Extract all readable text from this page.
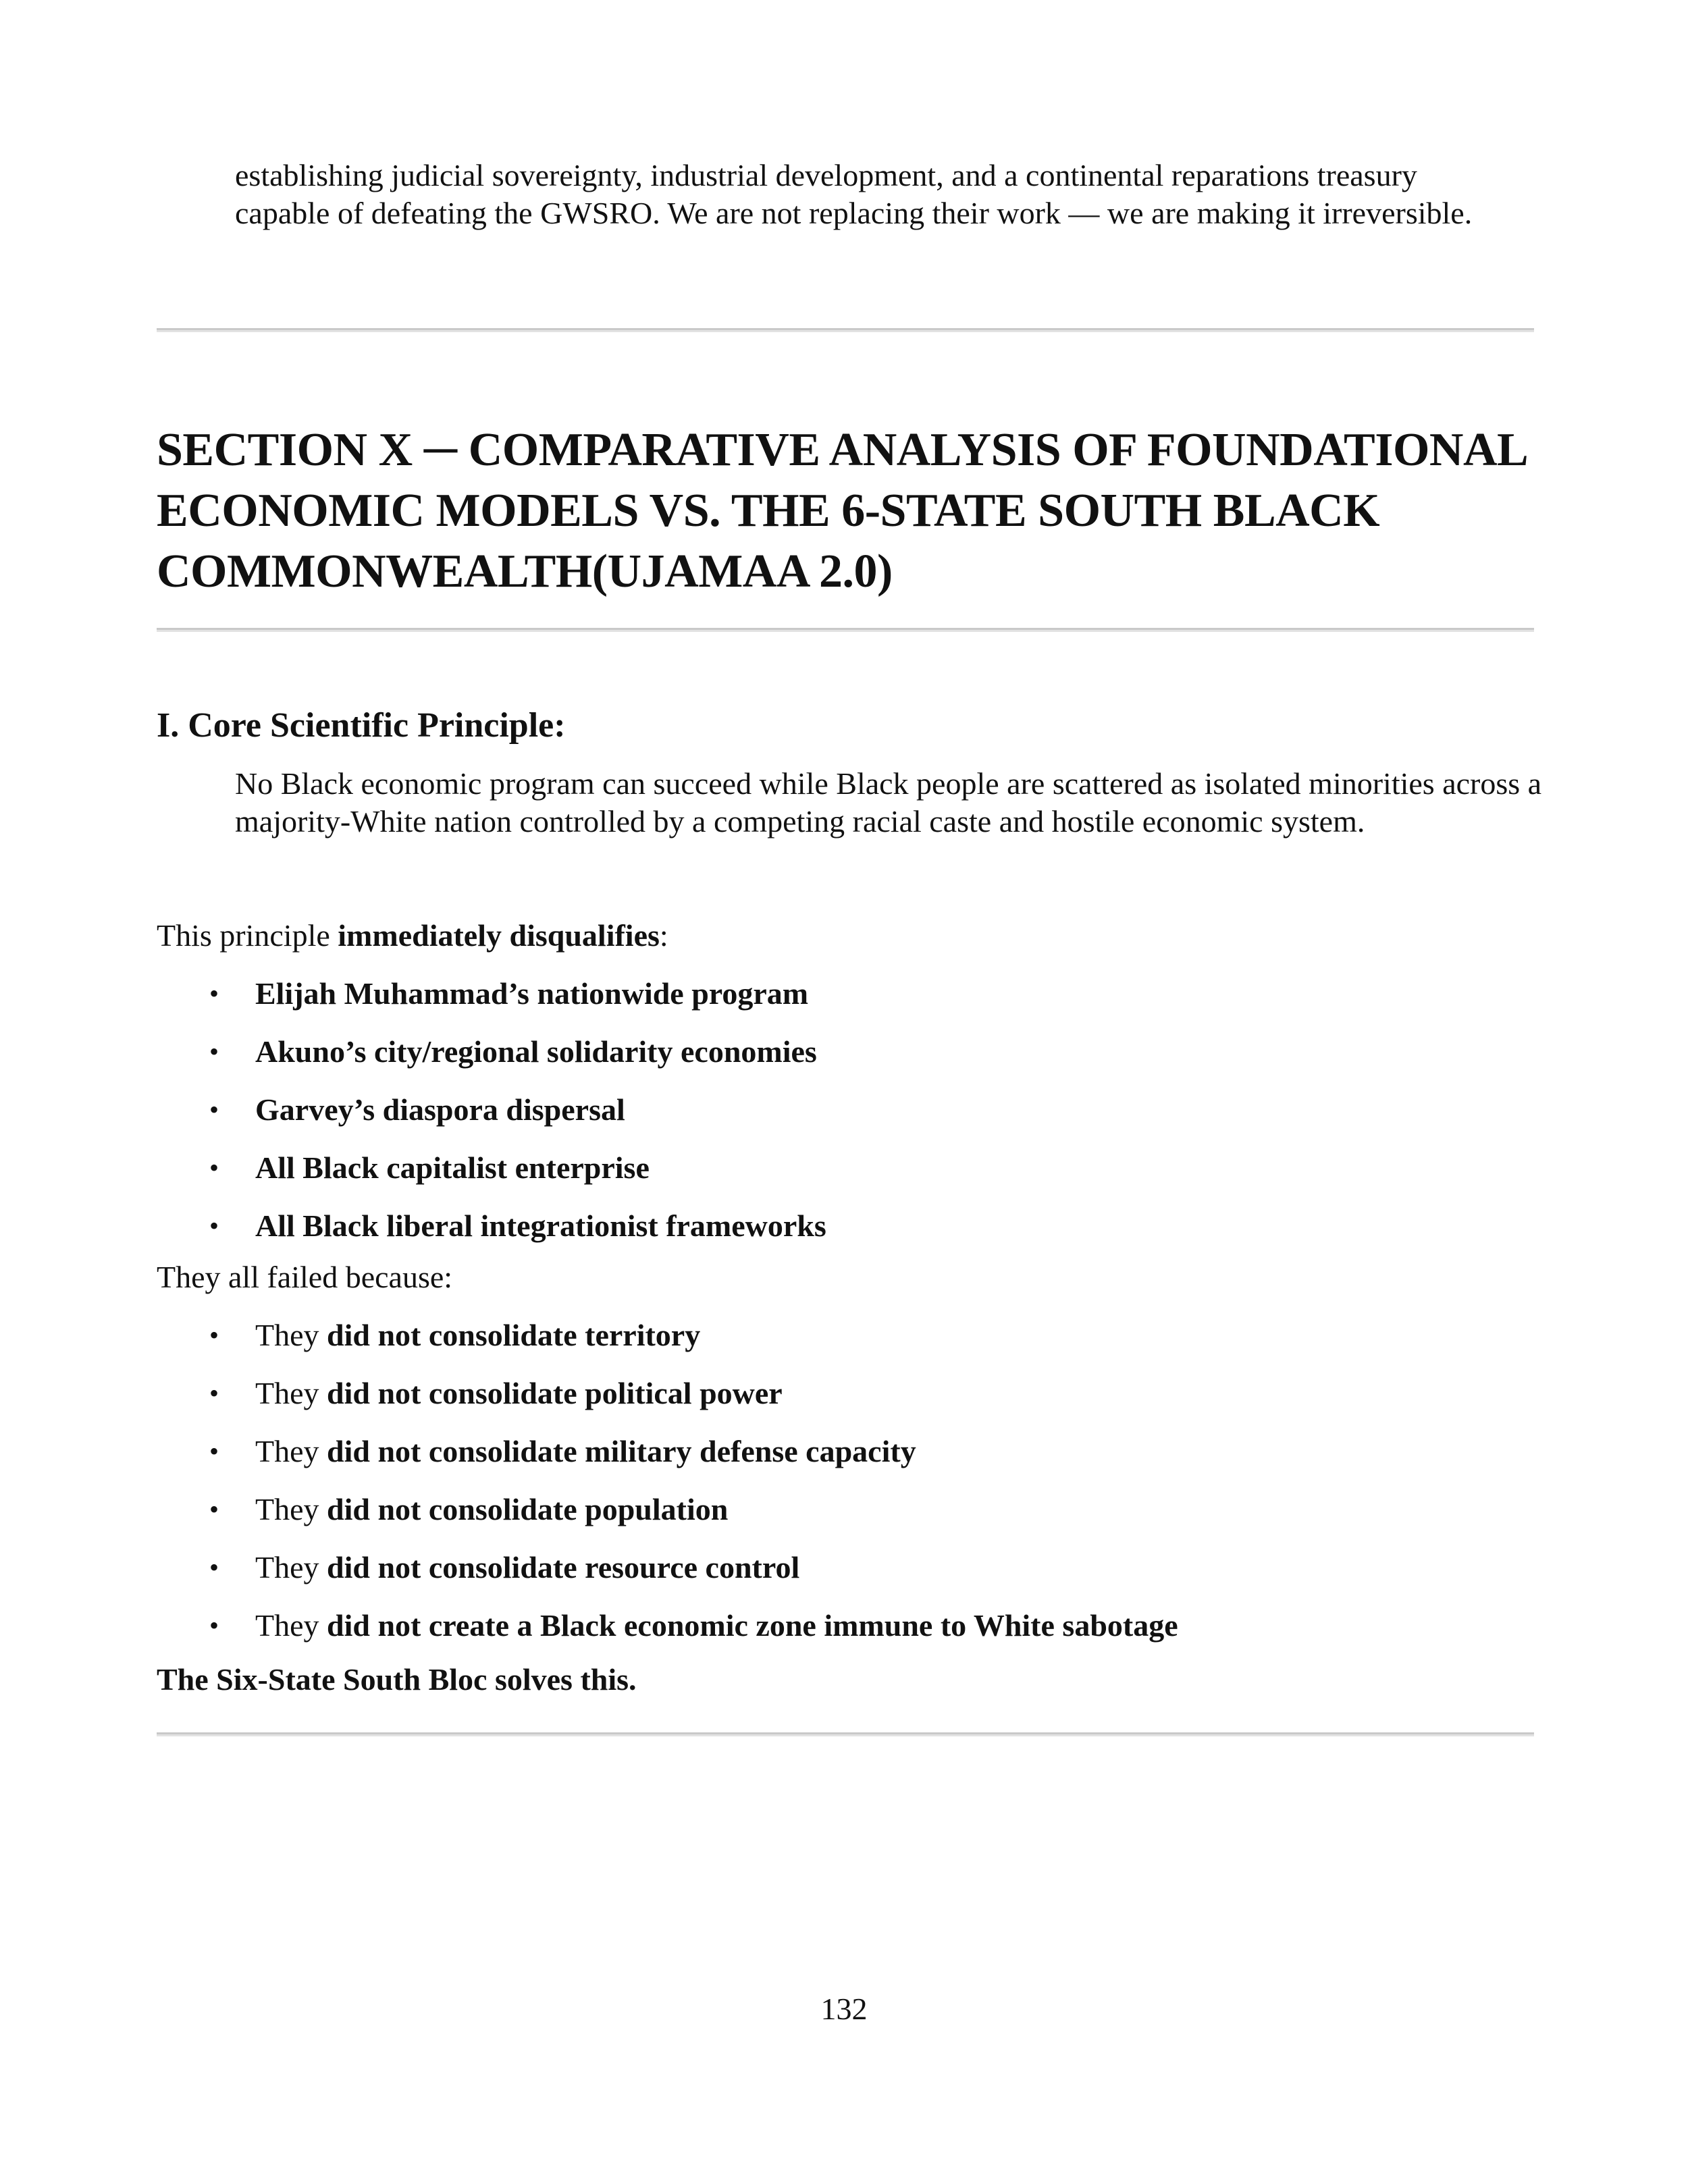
establishing judicial sovereignty, industrial development, and a continental reparations treasury capable of defeating the GWSRO. We are not replacing their work — we are making it irreversible.

SECTION X ─ COMPARATIVE ANALYSIS OF FOUNDATIONAL ECONOMIC MODELS VS. THE 6-STATE SOUTH BLACK COMMONWEALTH(UJAMAA 2.0)
I. Core Scientific Principle:

No Black economic program can succeed while Black people are scattered as isolated minorities across a majority-White nation controlled by a competing racial caste and hostile economic system.

This principle immediately disqualifies:

• Elijah Muhammad’s nationwide program
• Akuno’s city/regional solidarity economies
• Garvey’s diaspora dispersal
• All Black capitalist enterprise
• All Black liberal integrationist frameworks

They all failed because:

• They did not consolidate territory
• They did not consolidate political power
• They did not consolidate military defense capacity
• They did not consolidate population
• They did not consolidate resource control
• They did not create a Black economic zone immune to White sabotage

The Six-State South Bloc solves this.

132
